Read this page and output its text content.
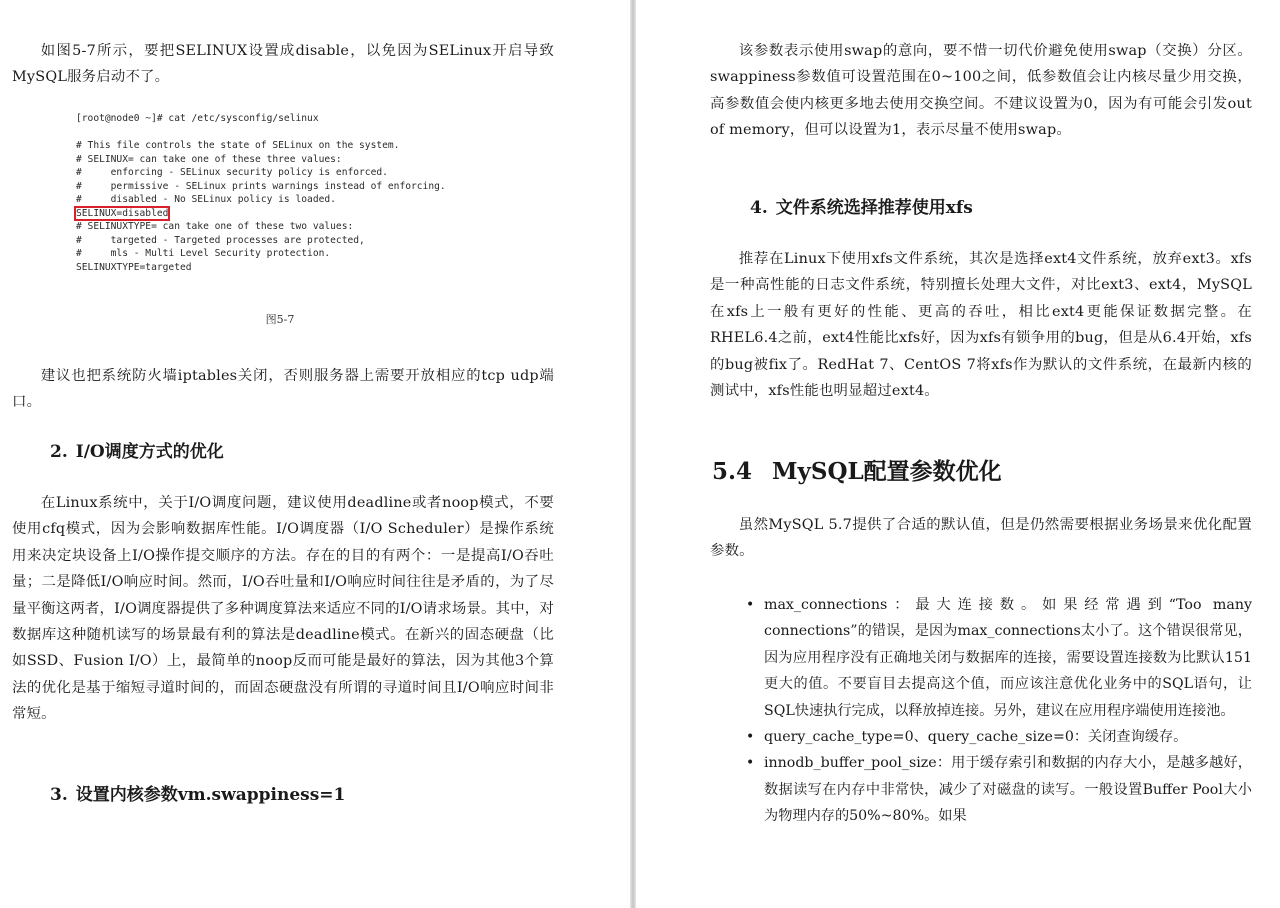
如图5-7所示，要把SELINUX设置成disable，以免因为SELinux开启导致MySQL服务启动不了。

[root@node0 ~]# cat /etc/sysconfig/selinux
# This file controls the state of SELinux on the system.
# SELINUX= can take one of these three values:
#     enforcing - SELinux security policy is enforced.
#     permissive - SELinux prints warnings instead of enforcing.
#     disabled - No SELinux policy is loaded.
SELINUX=disabled
# SELINUXTYPE= can take one of these two values:
#     targeted - Targeted processes are protected,
#     mls - Multi Level Security protection.
SELINUXTYPE=targeted
图5-7

建议也把系统防火墙iptables关闭，否则服务器上需要开放相应的tcp udp端口。

2. I/O调度方式的优化

在Linux系统中，关于I/O调度问题，建议使用deadline或者noop模式，不要使用cfq模式，因为会影响数据库性能。I/O调度器（I/O Scheduler）是操作系统用来决定块设备上I/O操作提交顺序的方法。存在的目的有两个：一是提高I/O吞吐量；二是降低I/O响应时间。然而，I/O吞吐量和I/O响应时间往往是矛盾的，为了尽量平衡这两者，I/O调度器提供了多种调度算法来适应不同的I/O请求场景。其中，对数据库这种随机读写的场景最有利的算法是deadline模式。在新兴的固态硬盘（比如SSD、Fusion I/O）上，最简单的noop反而可能是最好的算法，因为其他3个算法的优化是基于缩短寻道时间的，而固态硬盘没有所谓的寻道时间且I/O响应时间非常短。

3. 设置内核参数vm.swappiness=1

该参数表示使用swap的意向，要不惜一切代价避免使用swap（交换）分区。swappiness参数值可设置范围在0~100之间，低参数值会让内核尽量少用交换，高参数值会使内核更多地去使用交换空间。不建议设置为0，因为有可能会引发out of memory，但可以设置为1，表示尽量不使用swap。

4. 文件系统选择推荐使用xfs

推荐在Linux下使用xfs文件系统，其次是选择ext4文件系统，放弃ext3。xfs是一种高性能的日志文件系统，特别擅长处理大文件，对比ext3、ext4，MySQL在xfs上一般有更好的性能、更高的吞吐，相比ext4更能保证数据完整。在RHEL6.4之前，ext4性能比xfs好，因为xfs有锁争用的bug，但是从6.4开始，xfs的bug被fix了。RedHat 7、CentOS 7将xfs作为默认的文件系统，在最新内核的测试中，xfs性能也明显超过ext4。

5.4 MySQL配置参数优化

虽然MySQL 5.7提供了合适的默认值，但是仍然需要根据业务场景来优化配置参数。

• max_connections：最大连接数。如果经常遇到“Too many connections”的错误，是因为max_connections太小了。这个错误很常见，因为应用程序没有正确地关闭与数据库的连接，需要设置连接数为比默认151更大的值。不要盲目去提高这个值，而应该注意优化业务中的SQL语句，让SQL快速执行完成，以释放掉连接。另外，建议在应用程序端使用连接池。
• query_cache_type=0、query_cache_size=0：关闭查询缓存。
• innodb_buffer_pool_size：用于缓存索引和数据的内存大小，是越多越好，数据读写在内存中非常快，减少了对磁盘的读写。一般设置Buffer Pool大小为物理内存的50%~80%。如果
